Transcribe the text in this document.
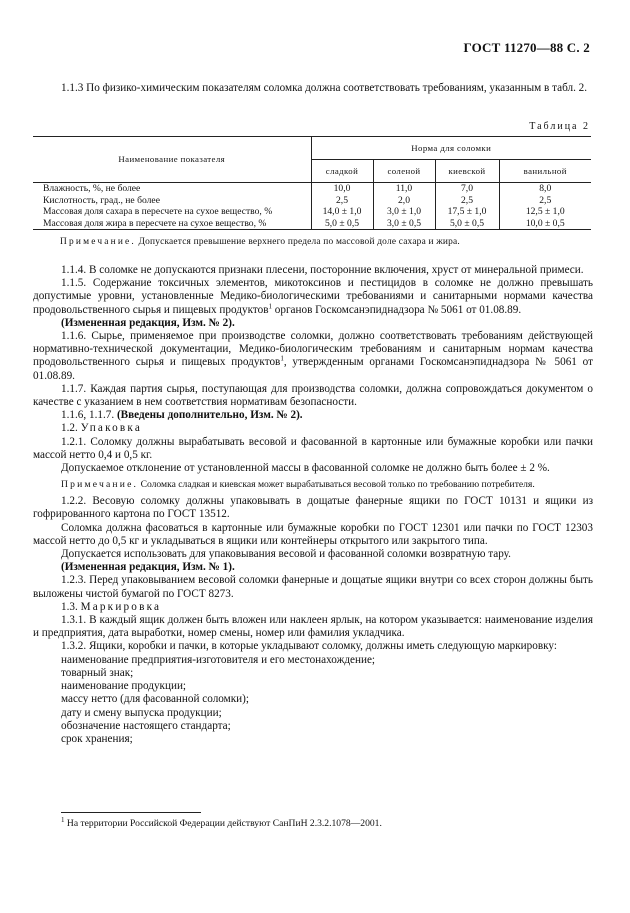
ГОСТ 11270—88 С. 2
1.1.3 По физико-химическим показателям соломка должна соответствовать требованиям, указанным в табл. 2.
Таблица 2
Наименование показателя	Норма для соломки			
	сладкой	соленой	киевской	ванильной
Влажность, %, не более	10,0	11,0	7,0	8,0
Кислотность, град., не более	2,5	2,0	2,5	2,5
Массовая доля сахара в пересчете на сухое вещество, %	14,0 ± 1,0	3,0 ± 1,0	17,5 ± 1,0	12,5 ± 1,0
Массовая доля жира в пересчете на сухое вещество, %	5,0 ± 0,5	3,0 ± 0,5	5,0 ± 0,5	10,0 ± 0,5
Примечание. Допускается превышение верхнего предела по массовой доле сахара и жира.

1.1.4. В соломке не допускаются признаки плесени, посторонние включения, хруст от минеральной примеси.

1.1.5. Содержание токсичных элементов, микотоксинов и пестицидов в соломке не должно превышать допустимые уровни, установленные Медико-биологическими требованиями и санитарными нормами качества продовольственного сырья и пищевых продуктов$^1$ органов Госкомсанэпиднадзора № 5061 от 01.08.89.

(Измененная редакция, Изм. № 2).

1.1.6. Сырье, применяемое при производстве соломки, должно соответствовать требованиям действующей нормативно-технической документации, Медико-биологическим требованиям и санитарным нормам качества продовольственного сырья и пищевых продуктов$^1$, утвержденным органами Госкомсанэпиднадзора № 5061 от 01.08.89.

1.1.7. Каждая партия сырья, поступающая для производства соломки, должна сопровождаться документом о качестве с указанием в нем соответствия нормативам безопасности.

1.1.6, 1.1.7. (Введены дополнительно, Изм. № 2).

1.2. Упаковка

1.2.1. Соломку должны вырабатывать весовой и фасованной в картонные или бумажные коробки или пачки массой нетто 0,4 и 0,5 кг.

Допускаемое отклонение от установленной массы в фасованной соломке не должно быть более ± 2 %.

Примечание. Соломка сладкая и киевская может вырабатываться весовой только по требованию потребителя.

1.2.2. Весовую соломку должны упаковывать в дощатые фанерные ящики по ГОСТ 10131 и ящики из гофрированного картона по ГОСТ 13512.

Соломка должна фасоваться в картонные или бумажные коробки по ГОСТ 12301 или пачки по ГОСТ 12303 массой нетто до 0,5 кг и укладываться в ящики или контейнеры открытого или закрытого типа.

Допускается использовать для упаковывания весовой и фасованной соломки возвратную тару.

(Измененная редакция, Изм. № 1).

1.2.3. Перед упаковыванием весовой соломки фанерные и дощатые ящики внутри со всех сторон должны быть выложены чистой бумагой по ГОСТ 8273.

1.3. Маркировка

1.3.1. В каждый ящик должен быть вложен или наклеен ярлык, на котором указывается: наименование изделия и предприятия, дата выработки, номер смены, номер или фамилия укладчика.

1.3.2. Ящики, коробки и пачки, в которые укладывают соломку, должны иметь следующую маркировку:

наименование предприятия-изготовителя и его местонахождение;

товарный знак;

наименование продукции;

массу нетто (для фасованной соломки);

дату и смену выпуска продукции;

обозначение настоящего стандарта;

срок хранения;

$^1$ На территории Российской Федерации действуют СанПиН 2.3.2.1078—2001.
